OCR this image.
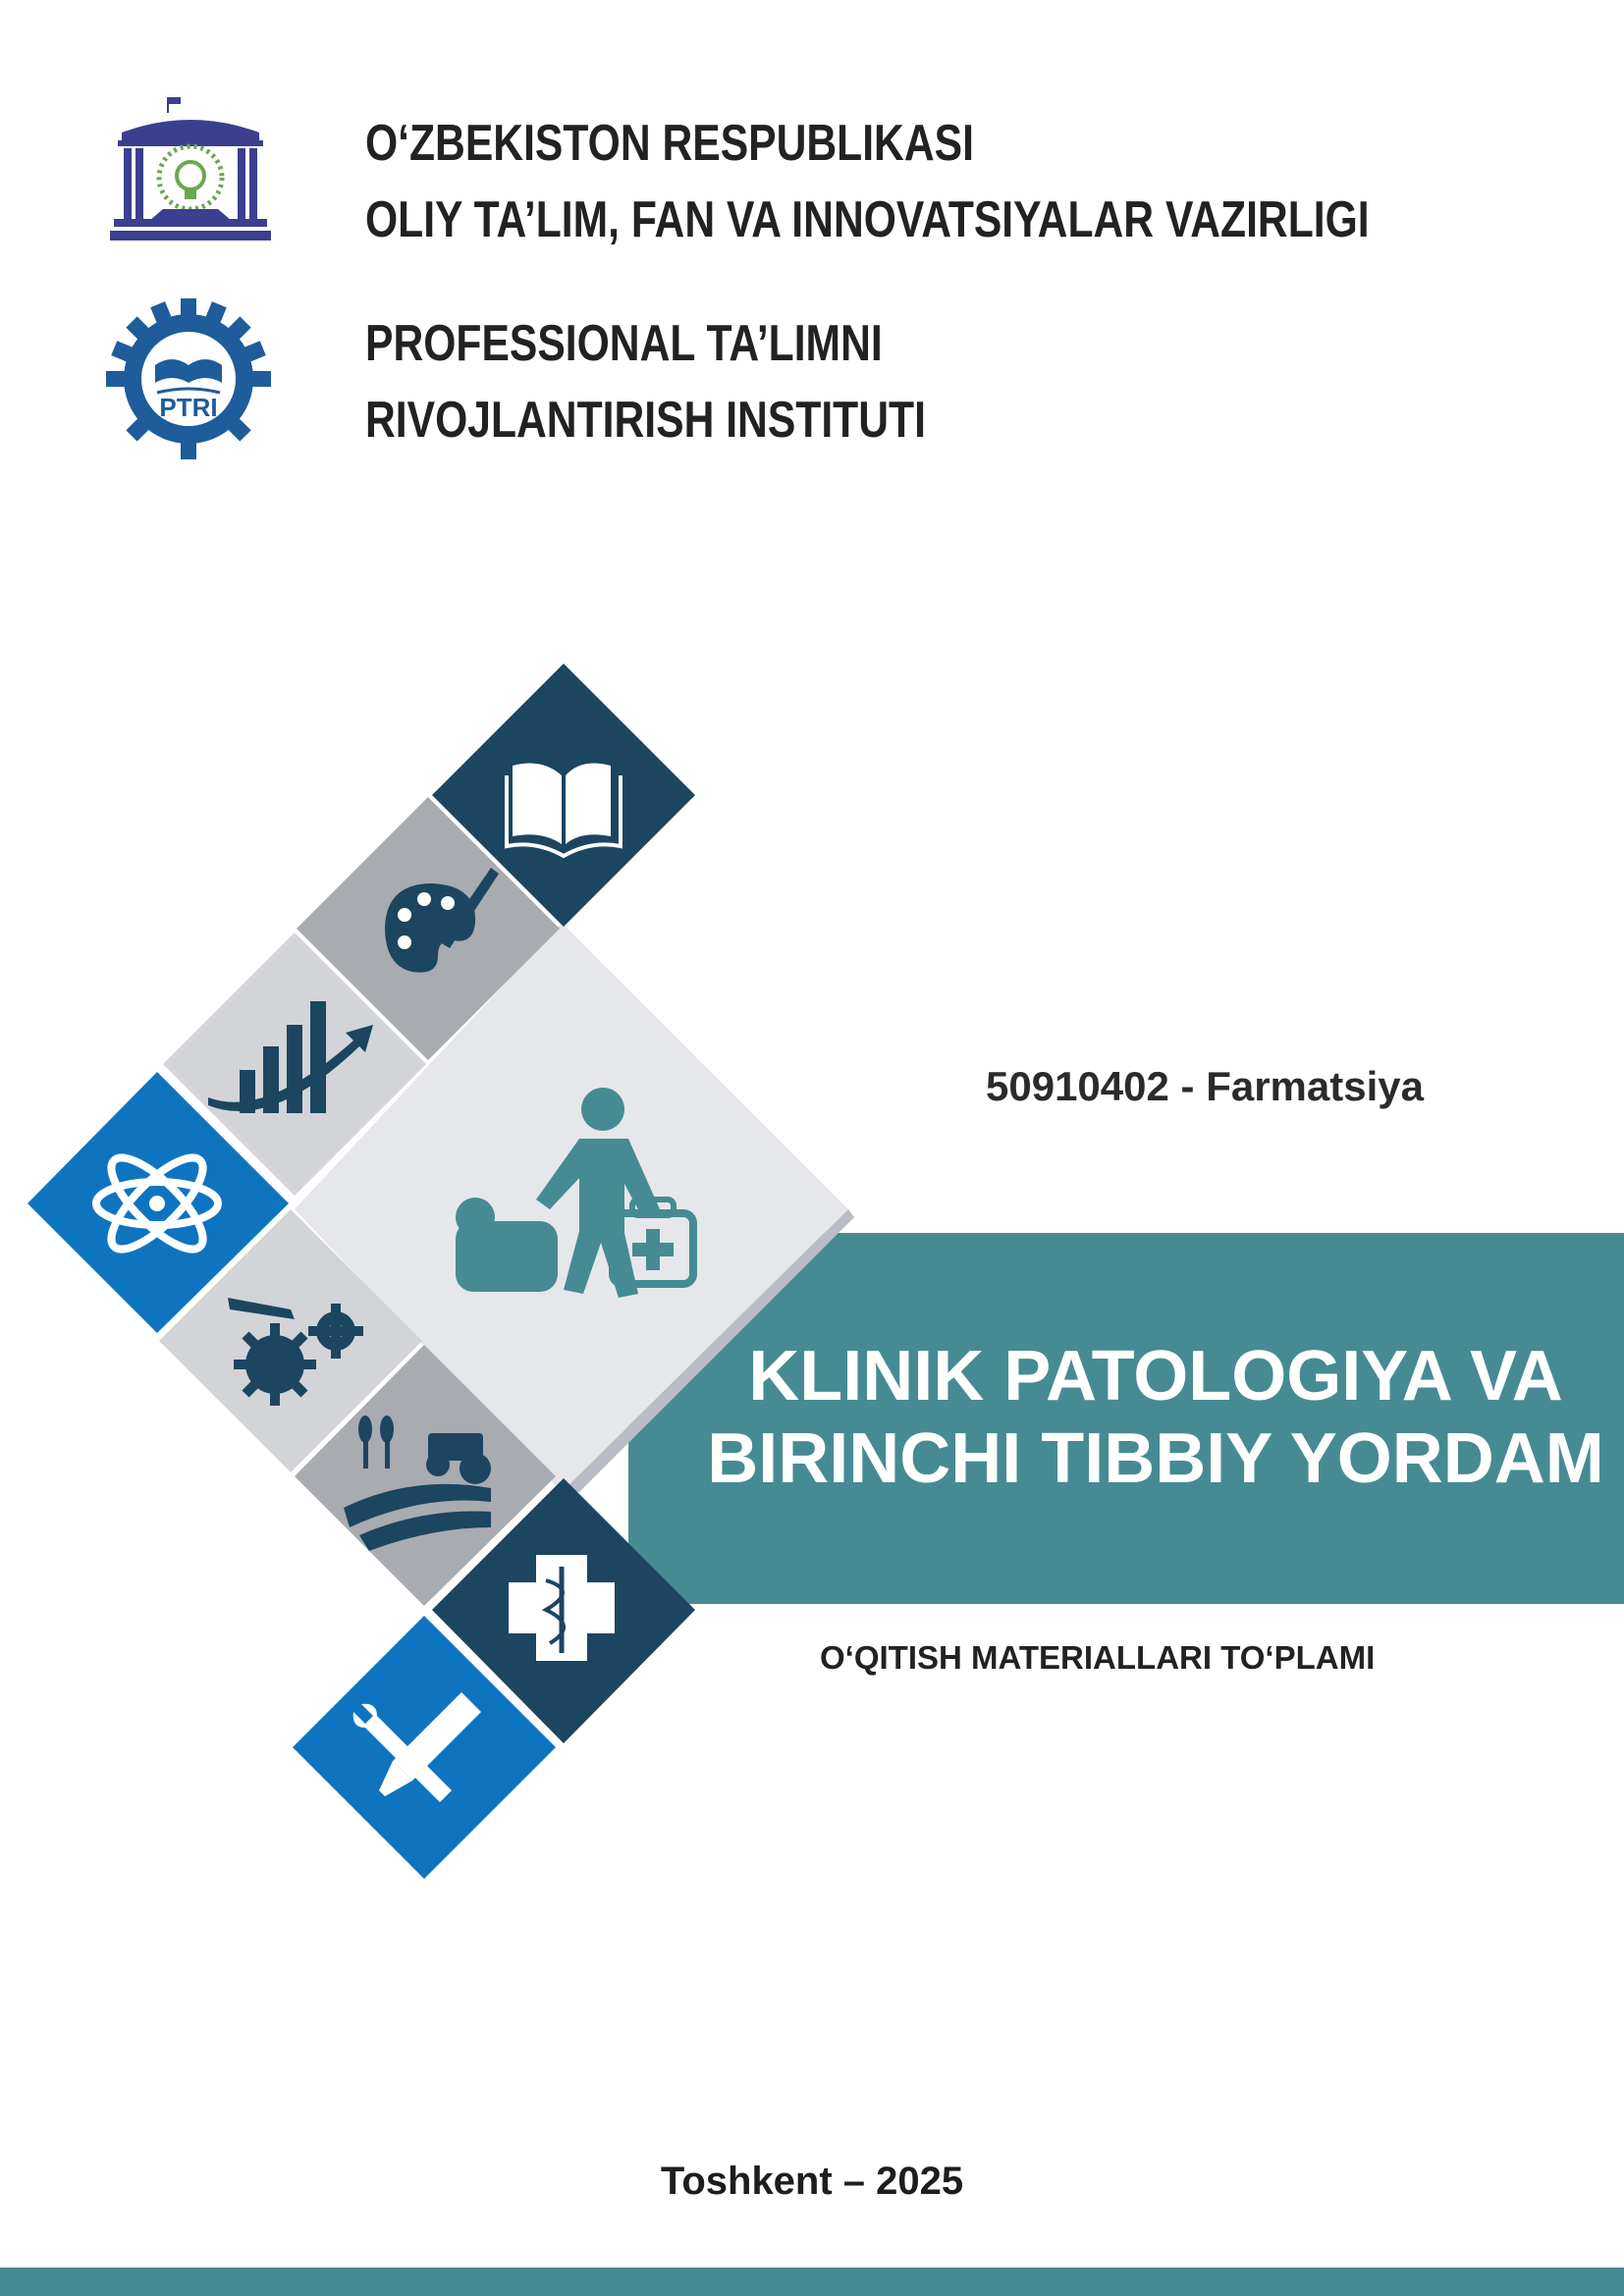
PTRI
O‘ZBEKISTON RESPUBLIKASI
OLIY TA’LIM, FAN VA INNOVATSIYALAR VAZIRLIGI
PROFESSIONAL TA’LIMNI
RIVOJLANTIRISH INSTITUTI
50910402 - Farmatsiya
KLINIK PATOLOGIYA VA
BIRINCHI TIBBIY YORDAM
O‘QITISH MATERIALLARI TO‘PLAMI
Toshkent – 2025
